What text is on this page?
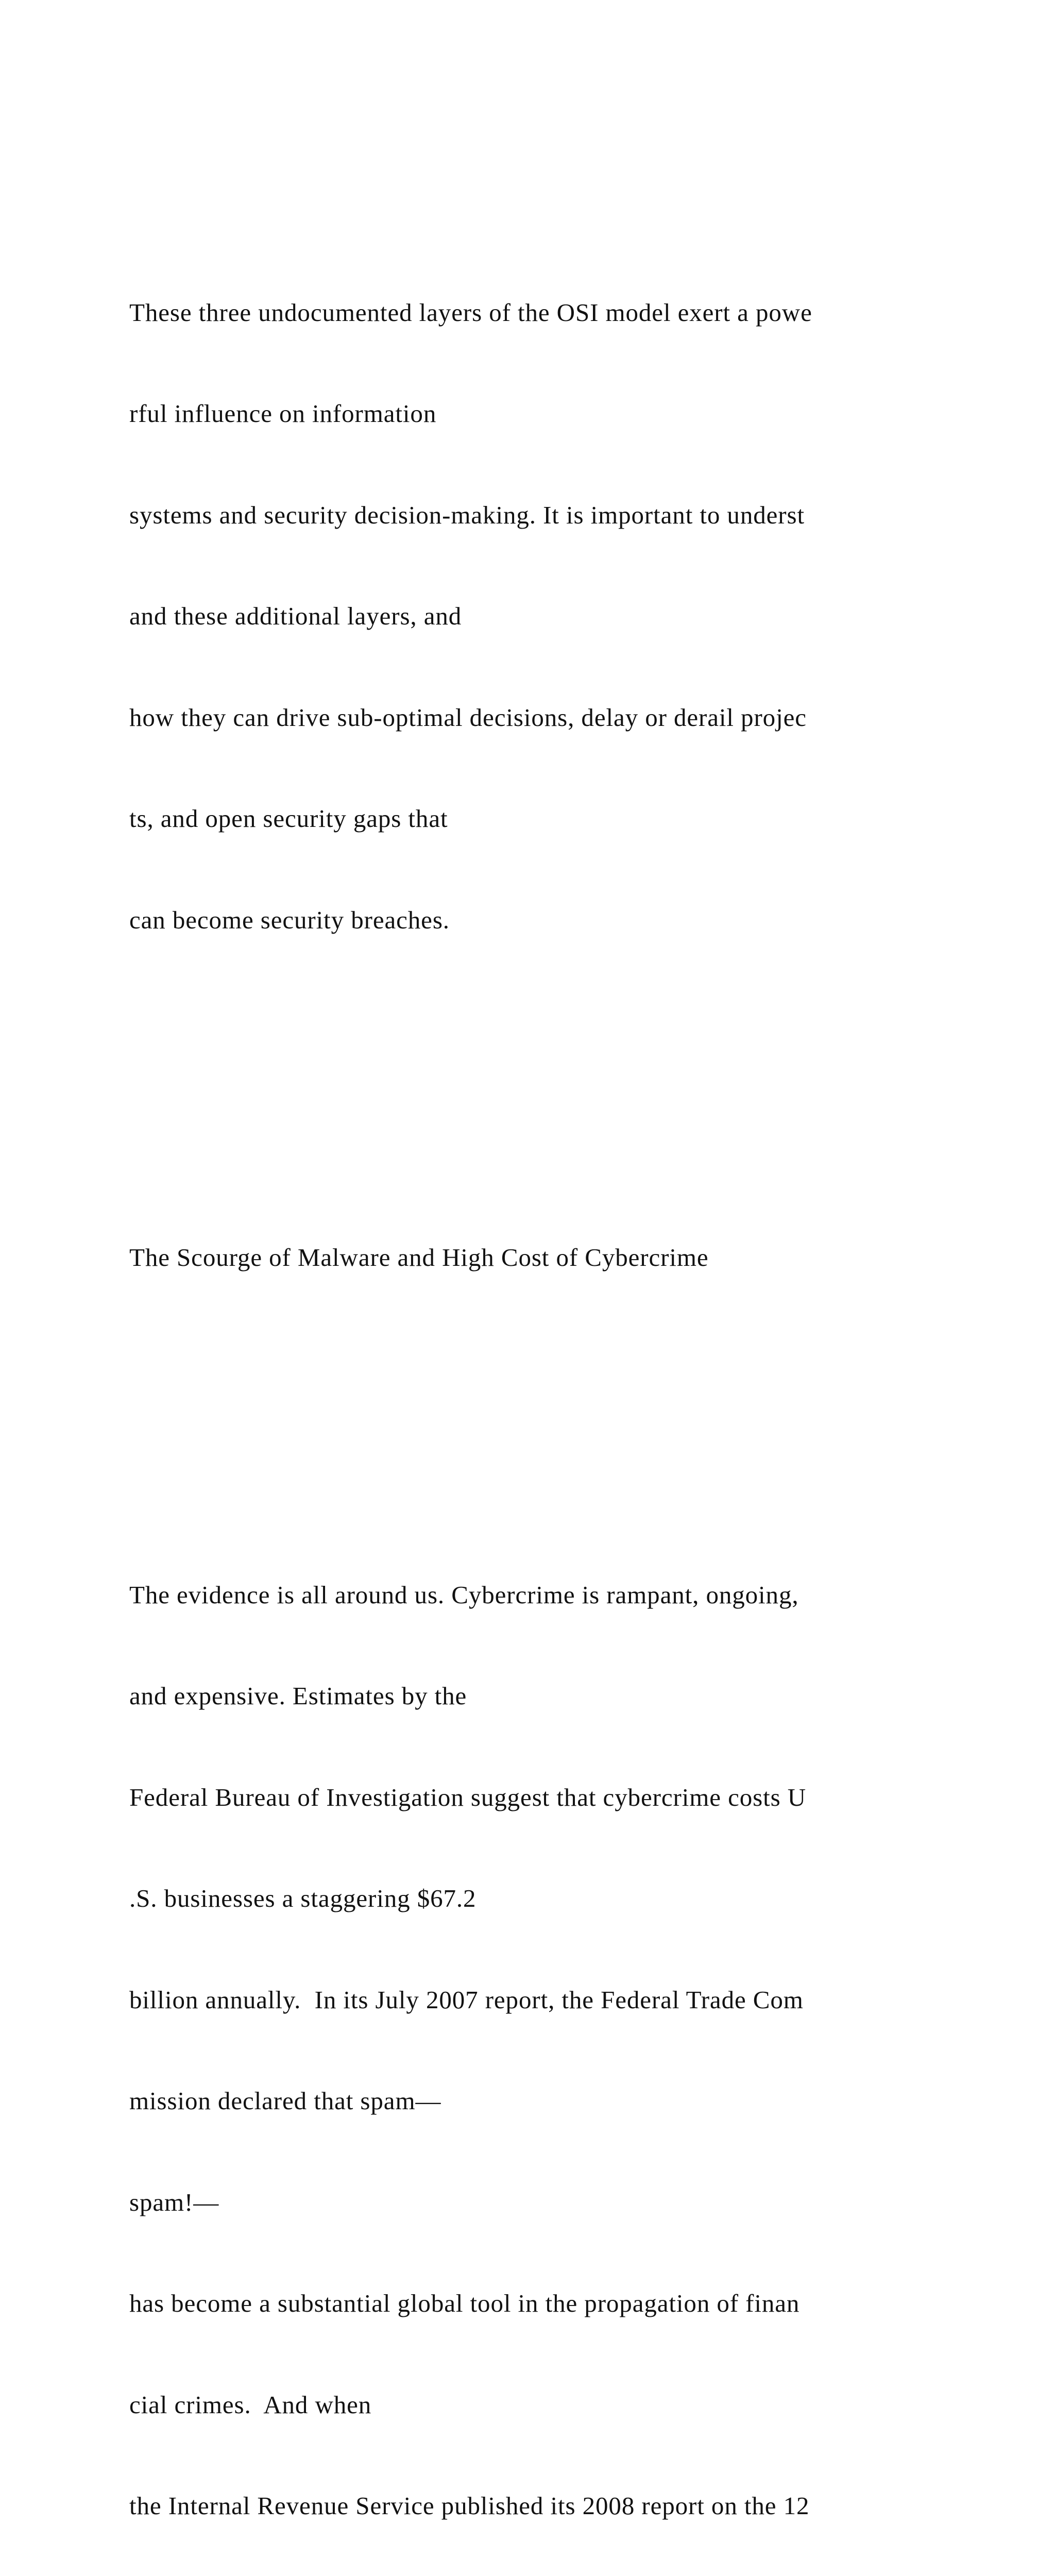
These three undocumented layers of the OSI model exert a powe

rful influence on information

systems and security decision-making. It is important to underst

and these additional layers, and

how they can drive sub-optimal decisions, delay or derail projec

ts, and open security gaps that

can become security breaches.

The Scourge of Malware and High Cost of Cybercrime

The evidence is all around us. Cybercrime is rampant, ongoing,

and expensive. Estimates by the

Federal Bureau of Investigation suggest that cybercrime costs U

.S. businesses a staggering $67.2

billion annually.  In its July 2007 report, the Federal Trade Com

mission declared that spam—

spam!—

has become a substantial global tool in the propagation of finan

cial crimes.  And when

the Internal Revenue Service published its 2008 report on the 12
